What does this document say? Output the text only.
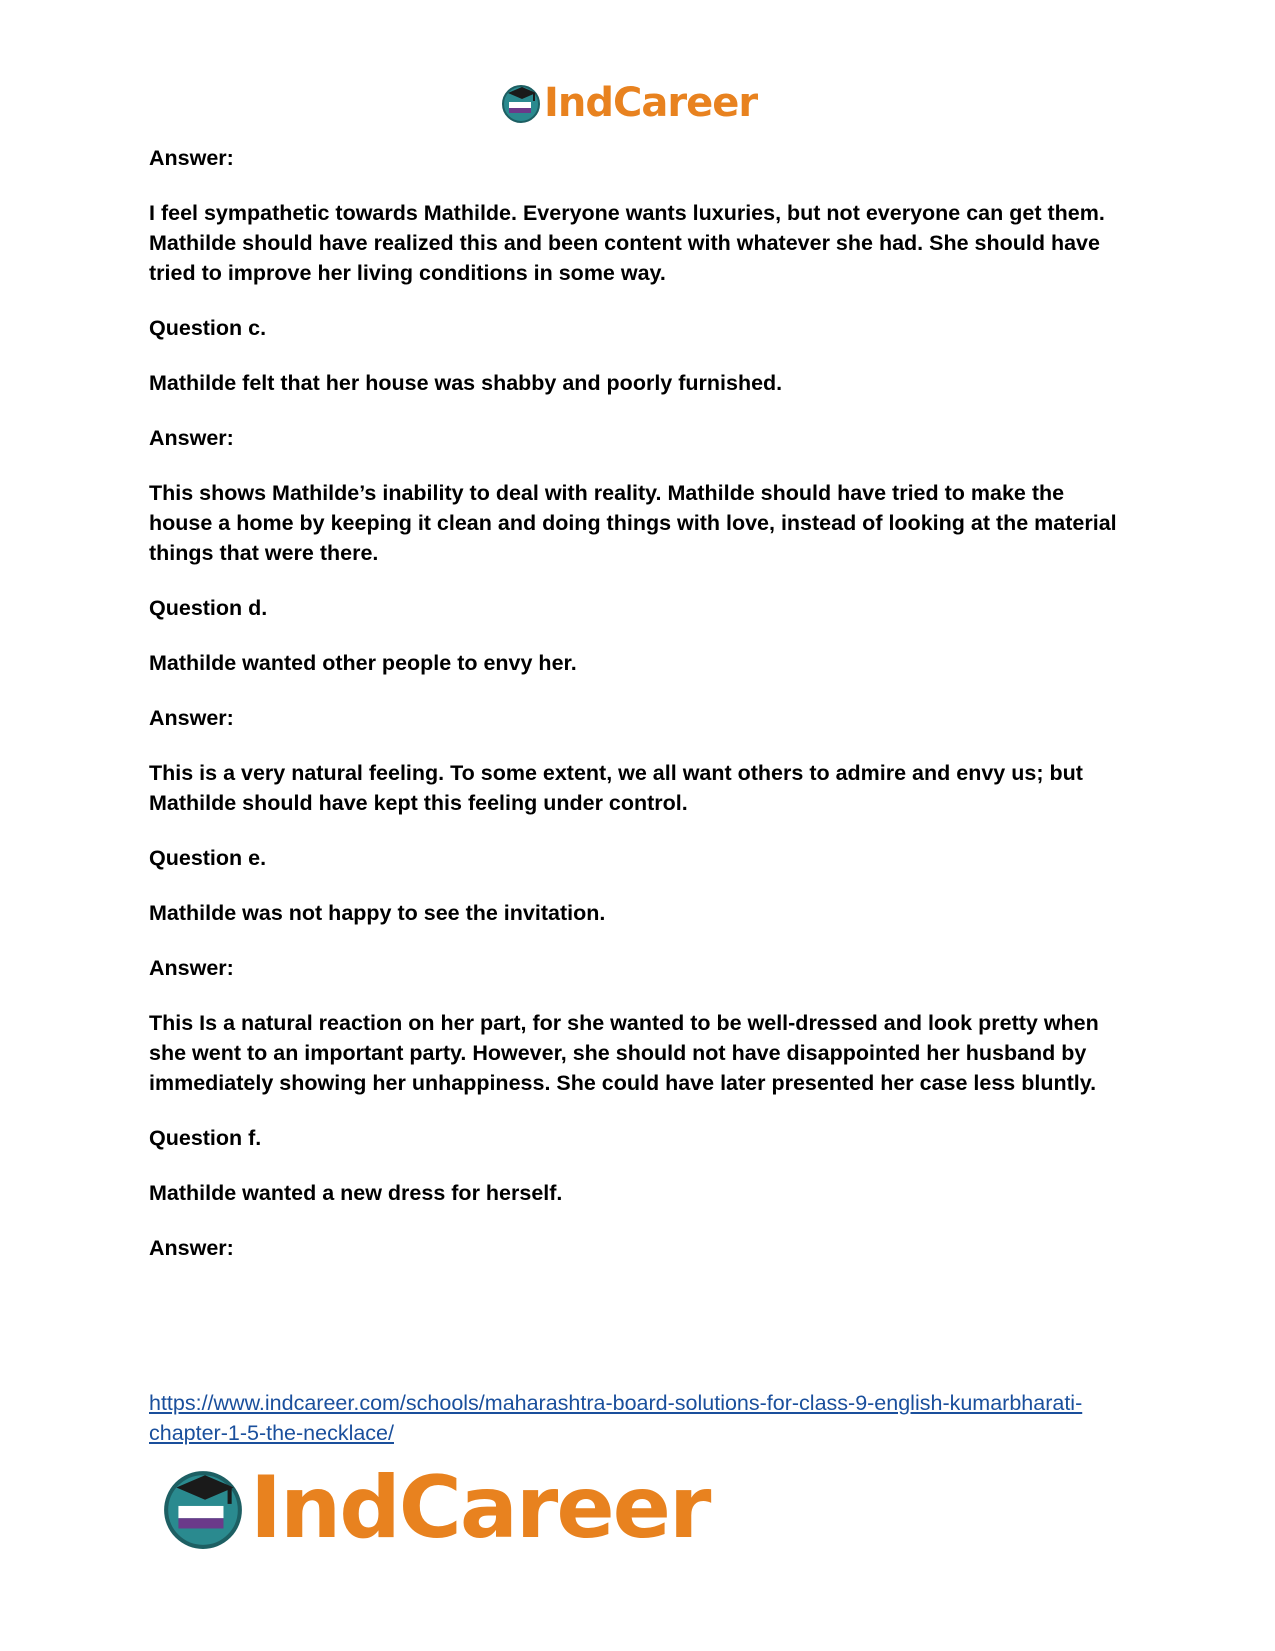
IndCareer

Answer:

I feel sympathetic towards Mathilde. Everyone wants luxuries, but not everyone can get them. Mathilde should have realized this and been content with whatever she had. She should have tried to improve her living conditions in some way.

Question c.

Mathilde felt that her house was shabby and poorly furnished.

Answer:

This shows Mathilde’s inability to deal with reality. Mathilde should have tried to make the house a home by keeping it clean and doing things with love, instead of looking at the material things that were there.

Question d.

Mathilde wanted other people to envy her.

Answer:

This is a very natural feeling. To some extent, we all want others to admire and envy us; but Mathilde should have kept this feeling under control.

Question e.

Mathilde was not happy to see the invitation.

Answer:

This Is a natural reaction on her part, for she wanted to be well-dressed and look pretty when she went to an important party. However, she should not have disappointed her husband by immediately showing her unhappiness. She could have later presented her case less bluntly.

Question f.

Mathilde wanted a new dress for herself.

Answer:

https://www.indcareer.com/schools/maharashtra-board-solutions-for-class-9-english-kumarbharati-chapter-1-5-the-necklace/
IndCareer
